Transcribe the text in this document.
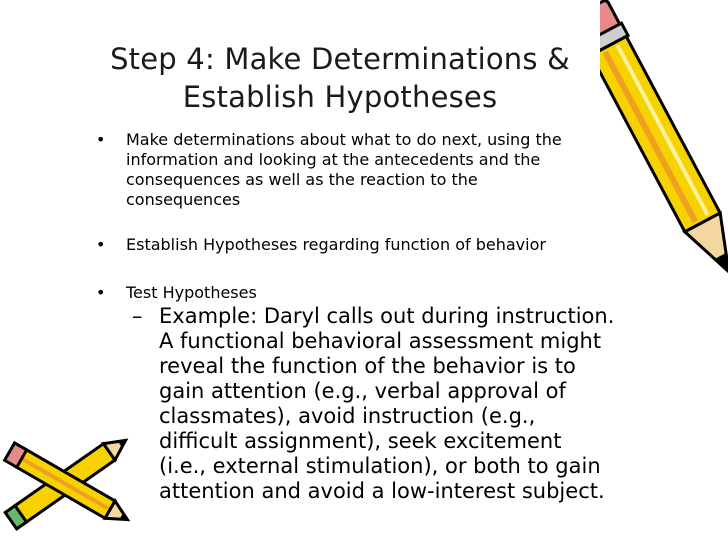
Step 4: Make Determinations &
Establish Hypotheses
•	Make determinations about what to do next, using the
information and looking at the antecedents and the
consequences as well as the reaction to the
consequences
•	Establish Hypotheses regarding function of behavior
•	Test Hypotheses
– Example: Daryl calls out during instruction.
A functional behavioral assessment might
reveal the function of the behavior is to
gain attention (e.g., verbal approval of
classmates), avoid instruction (e.g.,
difficult assignment), seek excitement
(i.e., external stimulation), or both to gain
attention and avoid a low-interest subject.
